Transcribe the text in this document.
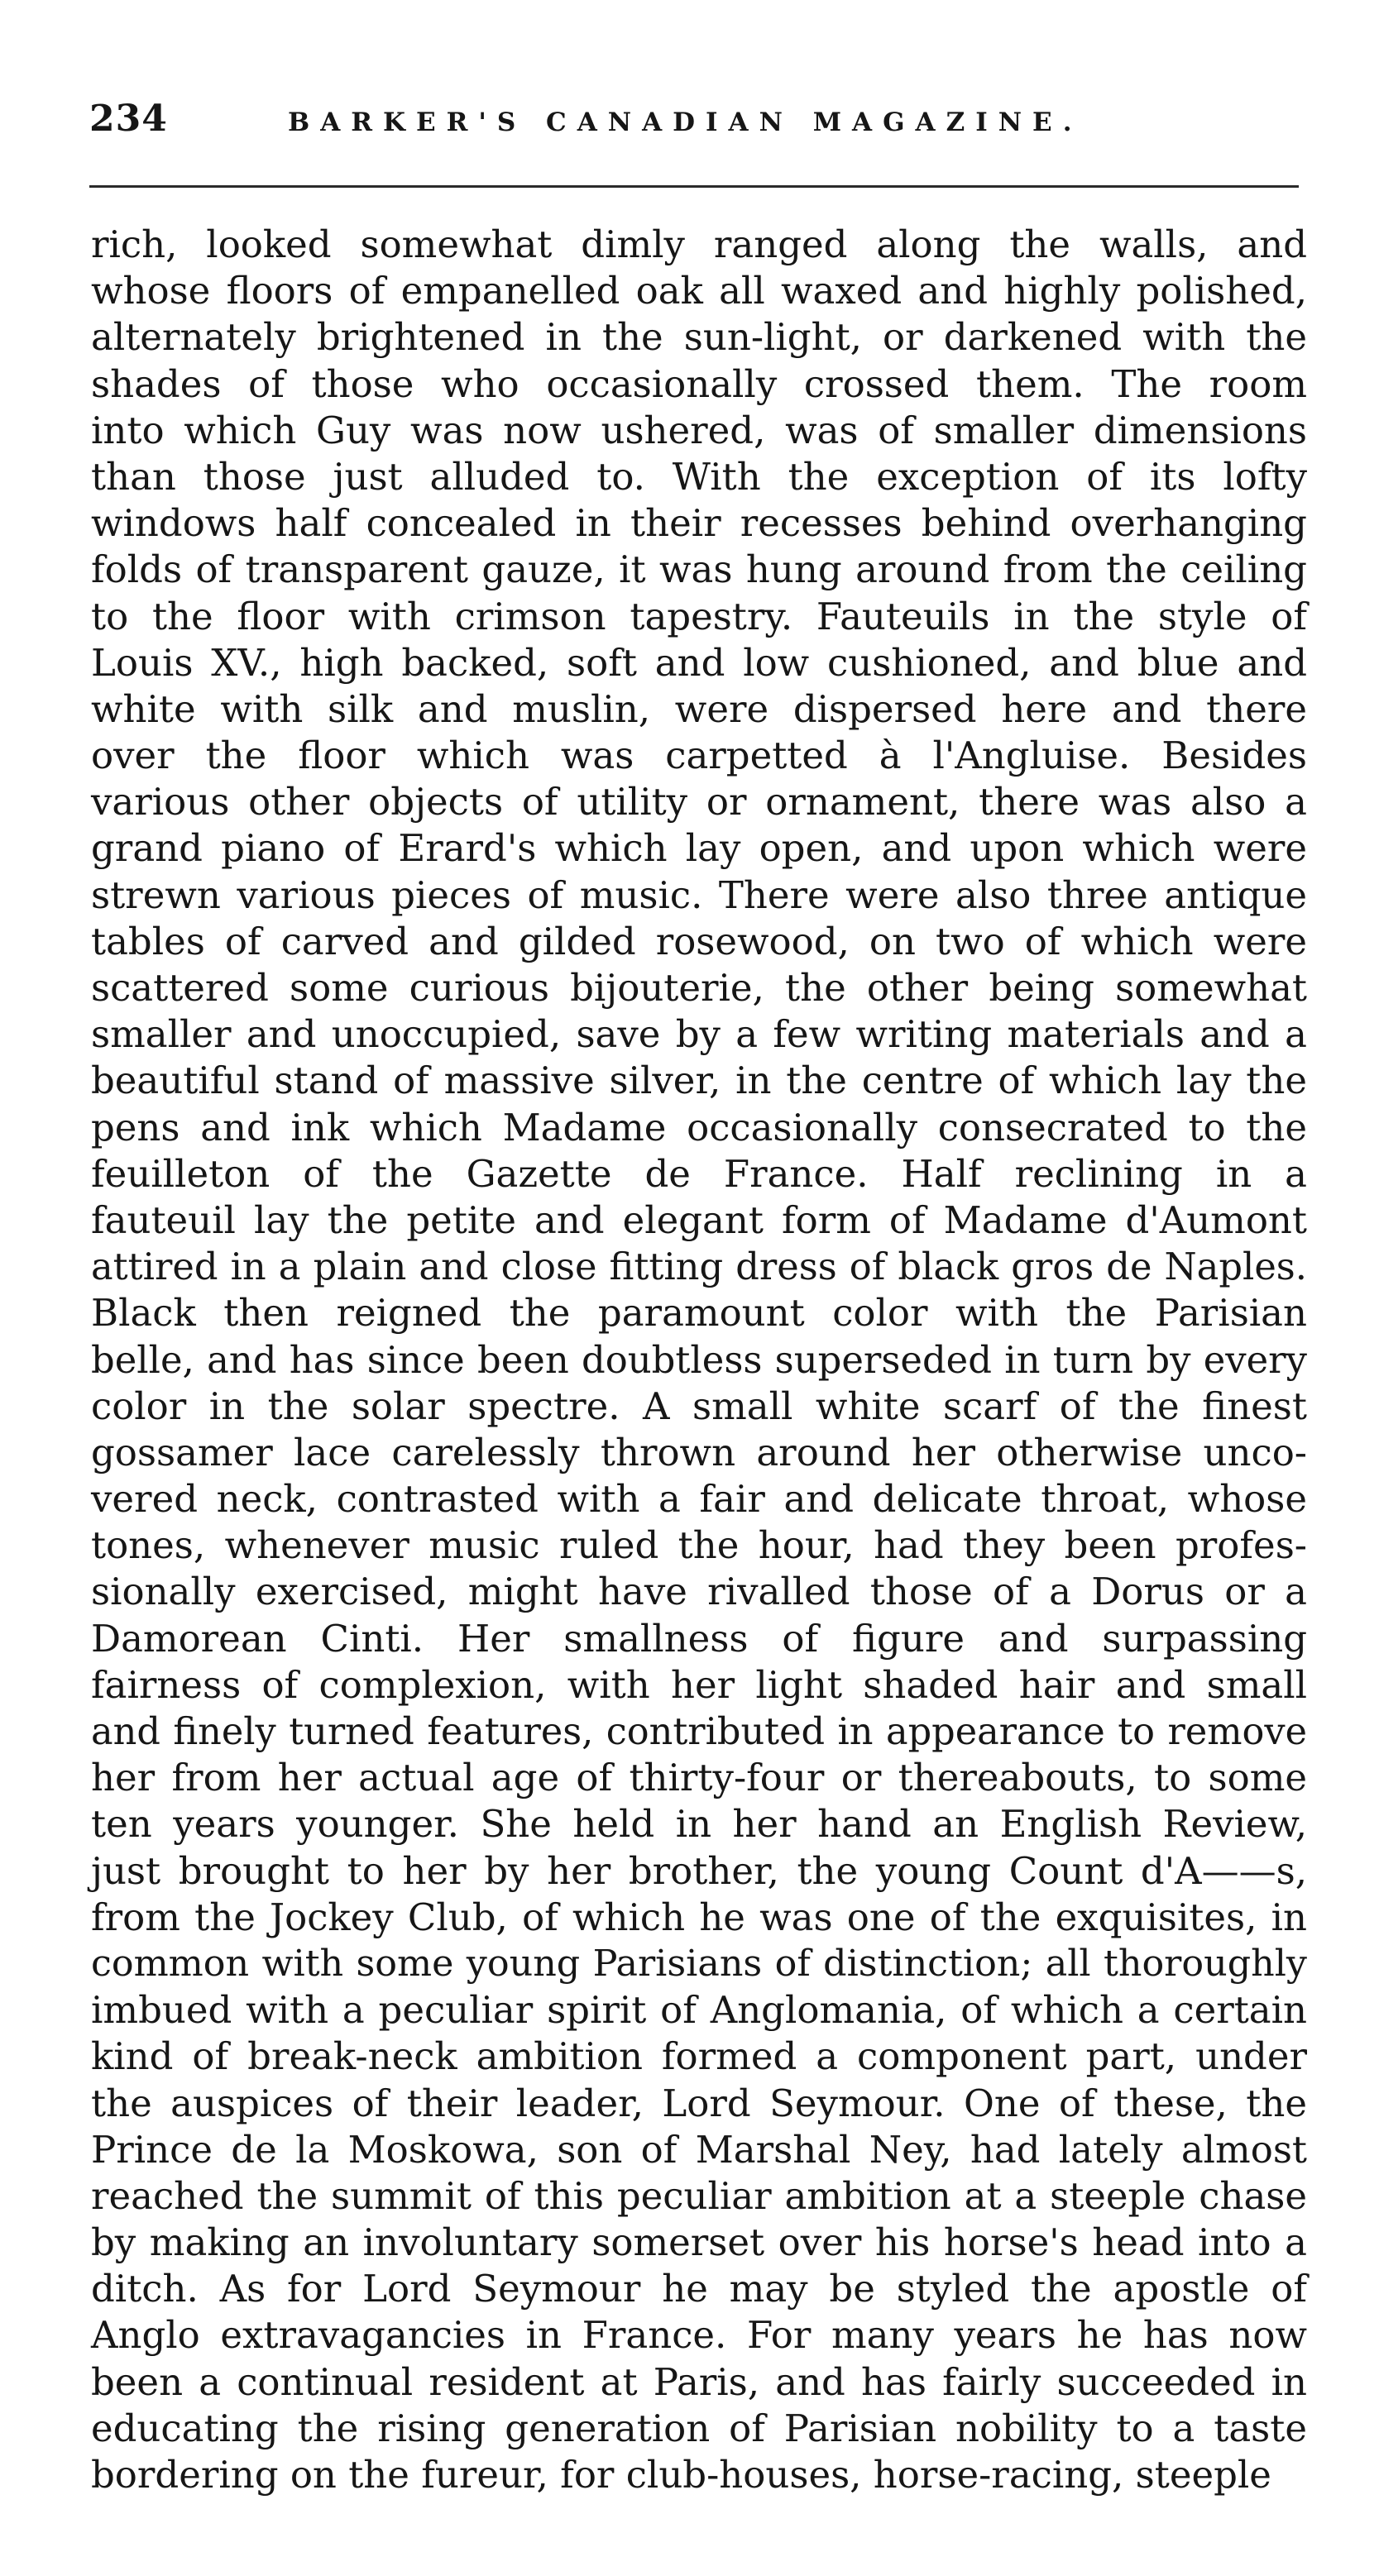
234	BARKER'S CANADIAN MAGAZINE.
rich, looked somewhat dimly ranged along the walls, and
whose floors of empanelled oak all waxed and highly polished,
alternately brightened in the sun-light, or darkened with the
shades of those who occasionally crossed them. The room
into which Guy was now ushered, was of smaller dimensions
than those just alluded to. With the exception of its lofty
windows half concealed in their recesses behind overhanging
folds of transparent gauze, it was hung around from the ceiling
to the floor with crimson tapestry. Fauteuils in the style of
Louis XV., high backed, soft and low cushioned, and blue and
white with silk and muslin, were dispersed here and there
over the floor which was carpetted à l'Angluise. Besides
various other objects of utility or ornament, there was also a
grand piano of Erard's which lay open, and upon which were
strewn various pieces of music. There were also three antique
tables of carved and gilded rosewood, on two of which were
scattered some curious bijouterie, the other being somewhat
smaller and unoccupied, save by a few writing materials and a
beautiful stand of massive silver, in the centre of which lay the
pens and ink which Madame occasionally consecrated to the
feuilleton of the Gazette de France. Half reclining in a
fauteuil lay the petite and elegant form of Madame d'Aumont
attired in a plain and close fitting dress of black gros de Naples.
Black then reigned the paramount color with the Parisian
belle, and has since been doubtless superseded in turn by every
color in the solar spectre. A small white scarf of the finest
gossamer lace carelessly thrown around her otherwise unco-
vered neck, contrasted with a fair and delicate throat, whose
tones, whenever music ruled the hour, had they been profes-
sionally exercised, might have rivalled those of a Dorus or a
Damorean Cinti. Her smallness of figure and surpassing
fairness of complexion, with her light shaded hair and small
and finely turned features, contributed in appearance to remove
her from her actual age of thirty-four or thereabouts, to some
ten years younger. She held in her hand an English Review,
just brought to her by her brother, the young Count d'A——s,
from the Jockey Club, of which he was one of the exquisites, in
common with some young Parisians of distinction; all thoroughly
imbued with a peculiar spirit of Anglomania, of which a certain
kind of break-neck ambition formed a component part, under
the auspices of their leader, Lord Seymour. One of these, the
Prince de la Moskowa, son of Marshal Ney, had lately almost
reached the summit of this peculiar ambition at a steeple chase
by making an involuntary somerset over his horse's head into a
ditch. As for Lord Seymour he may be styled the apostle of
Anglo extravagancies in France. For many years he has now
been a continual resident at Paris, and has fairly succeeded in
educating the rising generation of Parisian nobility to a taste
bordering on the fureur, for club-houses, horse-racing, steeple
